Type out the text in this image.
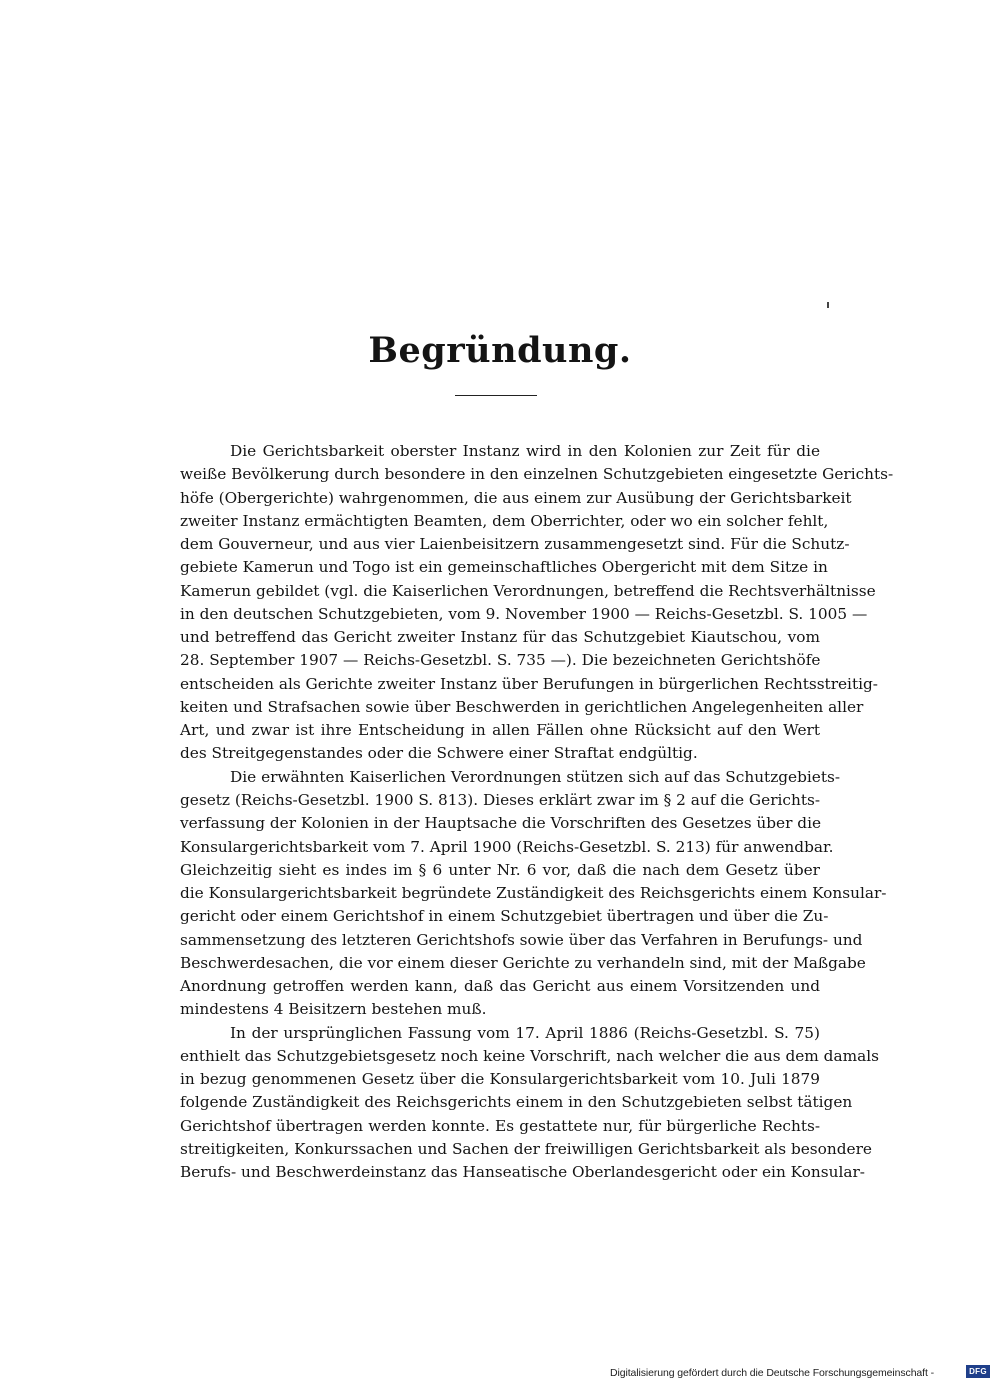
Begründung.
Die Gerichtsbarkeit oberster Instanz wird in den Kolonien zur Zeit für die
weiße Bevölkerung durch besondere in den einzelnen Schutzgebieten eingesetzte Gerichts-
höfe (Obergerichte) wahrgenommen, die aus einem zur Ausübung der Gerichtsbarkeit
zweiter Instanz ermächtigten Beamten, dem Oberrichter, oder wo ein solcher fehlt,
dem Gouverneur, und aus vier Laienbeisitzern zusammengesetzt sind. Für die Schutz-
gebiete Kamerun und Togo ist ein gemeinschaftliches Obergericht mit dem Sitze in
Kamerun gebildet (vgl. die Kaiserlichen Verordnungen, betreffend die Rechtsverhältnisse
in den deutschen Schutzgebieten, vom 9. November 1900 — Reichs-Gesetzbl. S. 1005 —
und betreffend das Gericht zweiter Instanz für das Schutzgebiet Kiautschou, vom
28. September 1907 — Reichs-Gesetzbl. S. 735 —). Die bezeichneten Gerichtshöfe
entscheiden als Gerichte zweiter Instanz über Berufungen in bürgerlichen Rechtsstreitig-
keiten und Strafsachen sowie über Beschwerden in gerichtlichen Angelegenheiten aller
Art, und zwar ist ihre Entscheidung in allen Fällen ohne Rücksicht auf den Wert
des Streitgegenstandes oder die Schwere einer Straftat endgültig.
Die erwähnten Kaiserlichen Verordnungen stützen sich auf das Schutzgebiets-
gesetz (Reichs-Gesetzbl. 1900 S. 813). Dieses erklärt zwar im § 2 auf die Gerichts-
verfassung der Kolonien in der Hauptsache die Vorschriften des Gesetzes über die
Konsulargerichtsbarkeit vom 7. April 1900 (Reichs-Gesetzbl. S. 213) für anwendbar.
Gleichzeitig sieht es indes im § 6 unter Nr. 6 vor, daß die nach dem Gesetz über
die Konsulargerichtsbarkeit begründete Zuständigkeit des Reichsgerichts einem Konsular-
gericht oder einem Gerichtshof in einem Schutzgebiet übertragen und über die Zu-
sammensetzung des letzteren Gerichtshofs sowie über das Verfahren in Berufungs- und
Beschwerdesachen, die vor einem dieser Gerichte zu verhandeln sind, mit der Maßgabe
Anordnung getroffen werden kann, daß das Gericht aus einem Vorsitzenden und
mindestens 4 Beisitzern bestehen muß.
In der ursprünglichen Fassung vom 17. April 1886 (Reichs-Gesetzbl. S. 75)
enthielt das Schutzgebietsgesetz noch keine Vorschrift, nach welcher die aus dem damals
in bezug genommenen Gesetz über die Konsulargerichtsbarkeit vom 10. Juli 1879
folgende Zuständigkeit des Reichsgerichts einem in den Schutzgebieten selbst tätigen
Gerichtshof übertragen werden konnte. Es gestattete nur, für bürgerliche Rechts-
streitigkeiten, Konkurssachen und Sachen der freiwilligen Gerichtsbarkeit als besondere
Berufs- und Beschwerdeinstanz das Hanseatische Oberlandesgericht oder ein Konsular-
Digitalisierung gefördert durch die Deutsche Forschungsgemeinschaft -	DFG
